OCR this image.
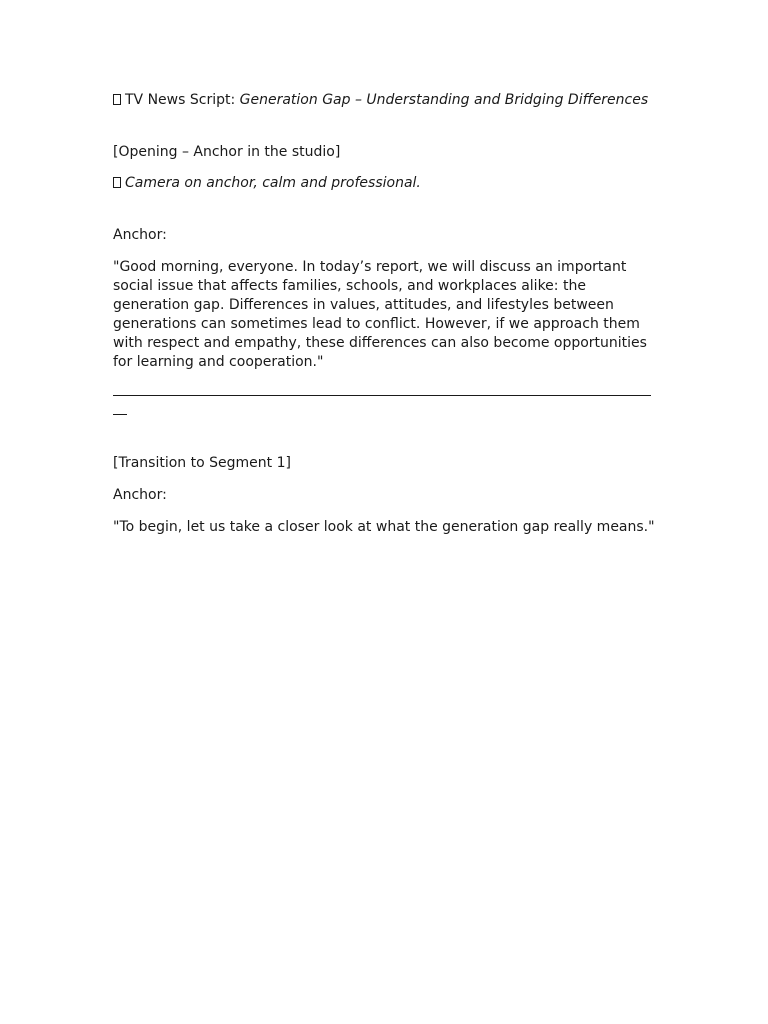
TV News Script: Generation Gap – Understanding and Bridging Differences

[Opening – Anchor in the studio]

Camera on anchor, calm and professional.

Anchor:

"Good morning, everyone. In today’s report, we will discuss an important social issue that affects families, schools, and workplaces alike: the generation gap. Differences in values, attitudes, and lifestyles between generations can sometimes lead to conflict. However, if we approach them with respect and empathy, these differences can also become opportunities for learning and cooperation."

[Transition to Segment 1]

Anchor:

"To begin, let us take a closer look at what the generation gap really means."
